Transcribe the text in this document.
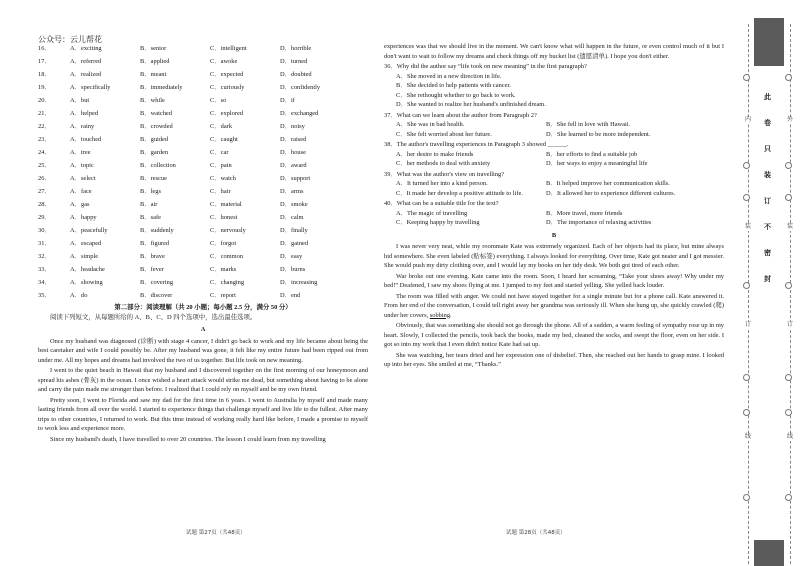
公众号：云儿帮花
16．	A．exciting	B．senior	C．intelligent	D．horrible
17．	A．referred	B．applied	C．awoke	D．turned
18．	A．realized	B．meant	C．expected	D．doubted
19．	A．specifically	B．immediately	C．curiously	D．confidently
20．	A．but	B．while	C．so	D．if
21．	A．helped	B．watched	C．explored	D．exchanged
22．	A．rainy	B．crowded	C．dark	D．noisy
23．	A．touched	B．guided	C．caught	D．raised
24．	A．tree	B．garden	C．car	D．house
25．	A．topic	B．collection	C．pain	D．award
26．	A．select	B．rescue	C．watch	D．support
27．	A．face	B．legs	C．hair	D．arms
28．	A．gas	B．air	C．material	D．smoke
29．	A．happy	B．safe	C．honest	D．calm
30．	A．peacefully	B．suddenly	C．nervously	D．finally
31．	A．escaped	B．figured	C．forgot	D．gained
32．	A．simple	B．brave	C．common	D．easy
33．	A．headache	B．fever	C．marks	D．burns
34．	A．showing	B．covering	C．changing	D．increasing
35．	A．do	B．discover	C．report	D．end
第二部分：阅读理解（共 20 小题；每小题 2.5 分，满分 50 分）
阅读下列短文，从每题所给的 A、B、C、D 四个选项中，选出最佳选项。
A

Once my husband was diagnosed (诊断) with stage 4 cancer, I didn't go back to work and my life became about being the best caretaker and wife I could possibly be. After my husband was gone, it felt like my entire future had been ripped out from under me. All my hopes and dreams had involved the two of us together. But life took on new meaning.

I went to the quiet beach in Hawaii that my husband and I discovered together on the first morning of our honeymoon and spread his ashes (骨灰) in the ocean. I once wished a heart attack would strike me dead, but something about having to be alone and carry the pain made me stronger than before. I realized that I could rely on myself and be my own friend.

Pretty soon, I went to Florida and saw my dad for the first time in 6 years. I went to Australia by myself and made many lasting friends from all over the world. I started to experience things that challenge myself and live life to the fullest. After many trips to other countries, I returned to work. But this time instead of working really hard like before, I made a promise to myself to work less and experience more.

Since my husband's death, I have travelled to over 20 countries. The lesson I could learn from my travelling

experiences was that we should live in the moment. We can't know what will happen in the future, or even control much of it but I don't want to wait to follow my dreams and check things off my bucket list (遗愿清单). I hope you don't either.

36．Why did the author say “life took on new meaning” in the first paragraph?
A．She moved in a new direction in life.
B．She decided to help patients with cancer.
C．She rethought whether to go back to work.
D．She wanted to realize her husband's unfinished dream.
37．What can we learn about the author from Paragraph 2?
A．She was in bad health.	B．She fell in love with Hawaii.
C．She felt worried about her future.	D．She learned to be more independent.
38．The author's travelling experiences in Paragraph 3 showed ______.
A．her desire to make friends	B．her efforts to find a suitable job
C．her methods to deal with anxiety	D．her ways to enjoy a meaningful life
39．What was the author's view on travelling?
A．It turned her into a kind person.	B．It helped improve her communication skills.
C．It made her develop a positive attitude to life.	D．It allowed her to experience different cultures.
40．What can be a suitable title for the text?
A．The magic of travelling	B．More travel, more friends
C．Keeping happy by travelling	D．The importance of relaxing activities
B

I was never very neat, while my roommate Kate was extremely organized. Each of her objects had its place, but mine always hid somewhere. She even labeled (贴标签) everything. I always looked for everything. Over time, Kate got neater and I got messier. She would push my dirty clothing over, and I would lay my books on her tidy desk. We both got tired of each other.

War broke out one evening. Kate came into the room. Soon, I heard her screaming, “Take your shoes away! Why under my bed!” Deafened, I saw my shoes flying at me. I jumped to my feet and started yelling. She yelled back louder.

The room was filled with anger. We could not have stayed together for a single minute but for a phone call. Kate answered it. From her end of the conversation, I could tell right away her grandma was seriously ill. When she hung up, she quickly crawled (爬) under her covers, sobbing.

Obviously, that was something she should not go through the phone. All of a sudden, a warm feeling of sympathy rose up in my heart. Slowly, I collected the pencils, took back the books, made my bed, cleaned the socks, and swept the floor, even on her side. I got so into my work that I even didn't notice Kate had sat up.

She was watching, her tears dried and her expression one of disbelief. Then, she reached out her hands to grasp mine. I looked up into her eyes. She smiled at me, “Thanks.”

试题 第27页（共48页）	试题 第28页（共48页）
内	外
装	装
订	订
线	线
此
卷
只
装
订
不
密
封
